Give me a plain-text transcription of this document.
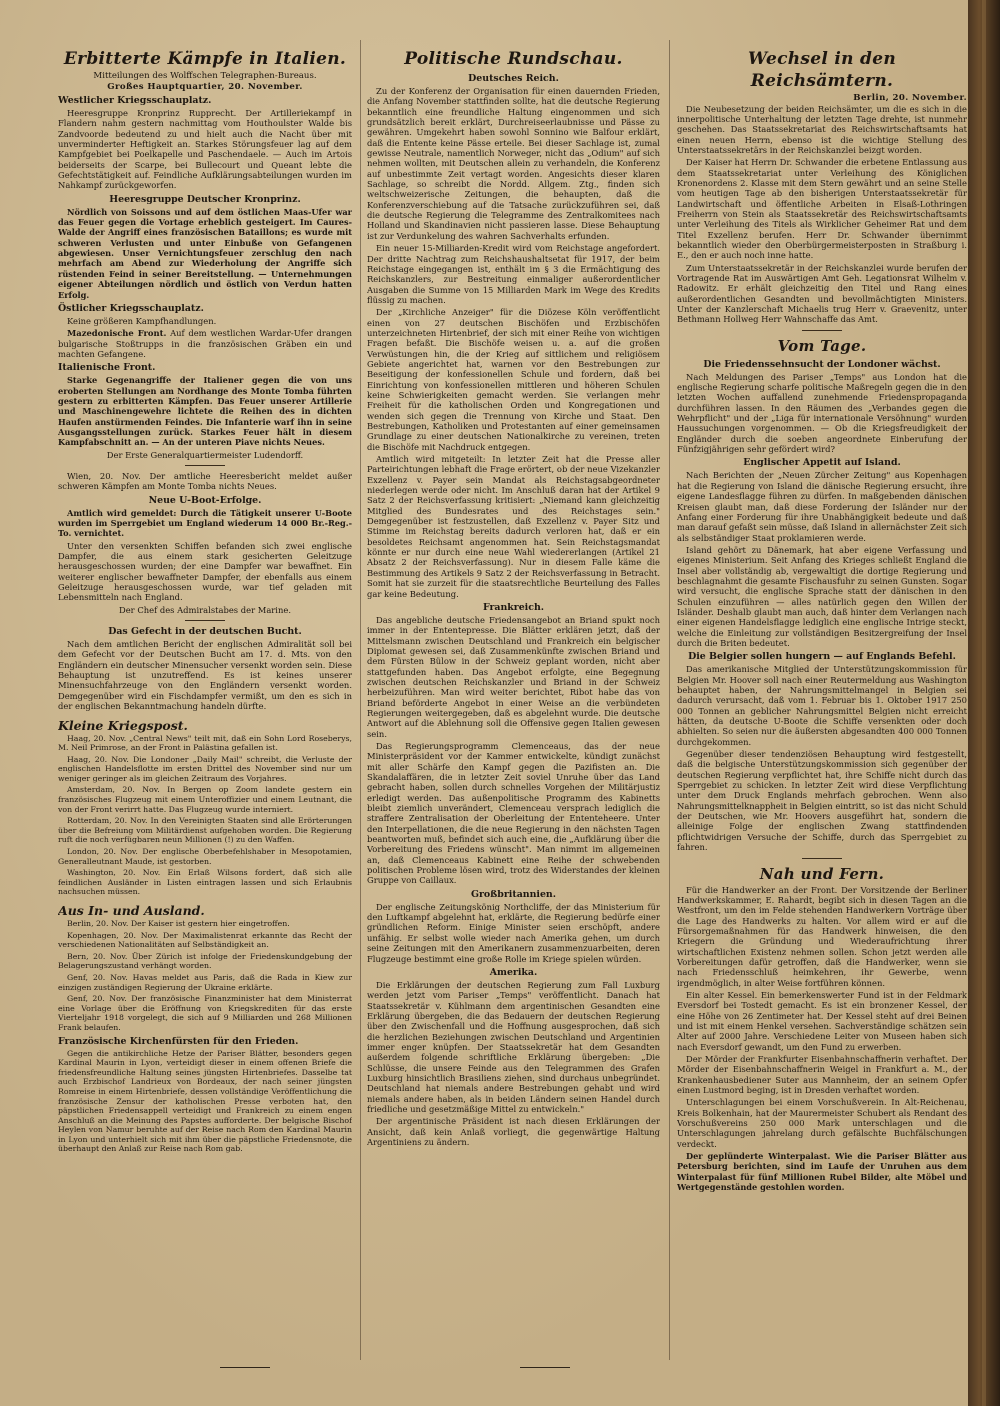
Erbitterte Kämpfe in Italien.
Mitteilungen des Wolffschen Telegraphen-Bureaus.
Großes Hauptquartier, 20. November.
Westlicher Kriegsschauplatz.

Heeresgruppe Kronprinz Rupprecht. Der Artilleriekampf in Flandern nahm gestern nachmittag vom Houthoulster Walde bis Zandvoorde bedeutend zu und hielt auch die Nacht über mit unverminderter Heftigkeit an. Starkes Störungsfeuer lag auf dem Kampfgebiet bei Poelkapelle und Paschendaele. — Auch im Artois beiderseits der Scarpe, bei Bullecourt und Queant lebte die Gefechtstätigkeit auf. Feindliche Aufklärungsabteilungen wurden im Nahkampf zurückgeworfen.

Heeresgruppe Deutscher Kronprinz.

Nördlich von Soissons und auf dem östlichen Maas-Ufer war das Feuer gegen die Vortage erheblich gesteigert. Im Caures-Walde der Angriff eines französischen Bataillons; es wurde mit schweren Verlusten und unter Einbuße von Gefangenen abgewiesen. Unser Vernichtungsfeuer zerschlug den nach mehrfach am Abend zur Wiederholung der Angriffe sich rüstenden Feind in seiner Bereitstellung. — Unternehmungen eigener Abteilungen nördlich und östlich von Verdun hatten Erfolg.

Östlicher Kriegsschauplatz.

Keine größeren Kampfhandlungen.

Mazedonische Front. Auf dem westlichen Wardar-Ufer drangen bulgarische Stoßtrupps in die französischen Gräben ein und machten Gefangene.

Italienische Front.

Starke Gegenangriffe der Italiener gegen die von uns eroberten Stellungen am Nordhange des Monte Tomba führten gestern zu erbitterten Kämpfen. Das Feuer unserer Artillerie und Maschinengewehre lichtete die Reihen des in dichten Haufen anstürmenden Feindes. Die Infanterie warf ihn in seine Ausgangsstellungen zurück. Starkes Feuer hält in diesem Kampfabschnitt an. — An der unteren Piave nichts Neues.

Der Erste Generalquartiermeister Ludendorff.

Wien, 20. Nov. Der amtliche Heeresbericht meldet außer schweren Kämpfen am Monte Tomba nichts Neues.

Neue U-Boot-Erfolge.

Amtlich wird gemeldet: Durch die Tätigkeit unserer U-Boote wurden im Sperrgebiet um England wiederum 14 000 Br.-Reg.-To. vernichtet.

Unter den versenkten Schiffen befanden sich zwei englische Dampfer, die aus einem stark gesicherten Geleitzuge herausgeschossen wurden; der eine Dampfer war bewaffnet. Ein weiterer englischer bewaffneter Dampfer, der ebenfalls aus einem Geleitzuge herausgeschossen wurde, war tief geladen mit Lebensmitteln nach England.

Der Chef des Admiralstabes der Marine.
Das Gefecht in der deutschen Bucht.

Nach dem amtlichen Bericht der englischen Admiralität soll bei dem Gefecht vor der Deutschen Bucht am 17. d. Mts. von den Engländern ein deutscher Minensucher versenkt worden sein. Diese Behauptung ist unzutreffend. Es ist keines unserer Minensuchfahrzeuge von den Engländern versenkt worden. Demgegenüber wird ein Fischdampfer vermißt, um den es sich in der englischen Bekanntmachung handeln dürfte.

Kleine Kriegspost.

Haag, 20. Nov. „Central News" teilt mit, daß ein Sohn Lord Roseberys, M. Neil Primrose, an der Front in Palästina gefallen ist.

Haag, 20. Nov. Die Londoner „Daily Mail" schreibt, die Verluste der englischen Handelsflotte im ersten Drittel des November sind nur um weniger geringer als im gleichen Zeitraum des Vorjahres.

Amsterdam, 20. Nov. In Bergen op Zoom landete gestern ein französisches Flugzeug mit einem Unteroffizier und einem Leutnant, die von der Front verirrt hatte. Das Flugzeug wurde interniert.

Rotterdam, 20. Nov. In den Vereinigten Staaten sind alle Erörterungen über die Befreiung vom Militärdienst aufgehoben worden. Die Regierung ruft die noch verfügbaren neun Millionen (!) zu den Waffen.

London, 20. Nov. Der englische Oberbefehlshaber in Mesopotamien, Generalleutnant Maude, ist gestorben.

Washington, 20. Nov. Ein Erlaß Wilsons fordert, daß sich alle feindlichen Ausländer in Listen eintragen lassen und sich Erlaubnis nachsuchen müssen.

Aus In- und Ausland.

Berlin, 20. Nov. Der Kaiser ist gestern hier eingetroffen.

Kopenhagen, 20. Nov. Der Maximalistenrat erkannte das Recht der verschiedenen Nationalitäten auf Selbständigkeit an.

Bern, 20. Nov. Über Zürich ist infolge der Friedenskundgebung der Belagerungszustand verhängt worden.

Genf, 20. Nov. Havas meldet aus Paris, daß die Rada in Kiew zur einzigen zuständigen Regierung der Ukraine erklärte.

Genf, 20. Nov. Der französische Finanzminister hat dem Ministerrat eine Vorlage über die Eröffnung von Kriegskrediten für das erste Vierteljahr 1918 vorgelegt, die sich auf 9 Milliarden und 268 Millionen Frank belaufen.

Französische Kirchenfürsten für den Frieden.

Gegen die antikirchliche Hetze der Pariser Blätter, besonders gegen Kardinal Maurin in Lyon, verteidigt dieser in einem offenen Briefe die friedensfreundliche Haltung seines jüngsten Hirtenbriefes. Dasselbe tat auch Erzbischof Landrieux von Bordeaux, der nach seiner jüngsten Romreise in einem Hirtenbriefe, dessen vollständige Veröffentlichung die französische Zensur der katholischen Presse verboten hat, den päpstlichen Friedensappell verteidigt und Frankreich zu einem engen Anschluß an die Meinung des Papstes aufforderte. Der belgische Bischof Heylen von Namur beruhte auf der Reise nach Rom den Kardinal Maurin in Lyon und unterhielt sich mit ihm über die päpstliche Friedensnote, die überhaupt den Anlaß zur Reise nach Rom gab.

Politische Rundschau.
Deutsches Reich.

Zu der Konferenz der Organisation für einen dauernden Frieden, die Anfang November stattfinden sollte, hat die deutsche Regierung bekanntlich eine freundliche Haltung eingenommen und sich grundsätzlich bereit erklärt, Durchreiseerlaubnisse und Pässe zu gewähren. Umgekehrt haben sowohl Sonnino wie Balfour erklärt, daß die Entente keine Pässe erteile. Bei dieser Sachlage ist, zumal gewisse Neutrale, namentlich Norweger, nicht das „Odium" auf sich nehmen wollten, mit Deutschen allein zu verhandeln, die Konferenz auf unbestimmte Zeit vertagt worden. Angesichts dieser klaren Sachlage, so schreibt die Nordd. Allgem. Ztg., finden sich weltschweizerische Zeitungen, die behaupten, daß die Konferenzverschiebung auf die Tatsache zurückzuführen sei, daß die deutsche Regierung die Telegramme des Zentralkomitees nach Holland und Skandinavien nicht passieren lasse. Diese Behauptung ist zur Verdunkelung des wahren Sachverhalts erfunden.

Ein neuer 15-Milliarden-Kredit wird vom Reichstage angefordert. Der dritte Nachtrag zum Reichshaushaltsetat für 1917, der beim Reichstage eingegangen ist, enthält im § 3 die Ermächtigung des Reichskanzlers, zur Bestreitung einmaliger außerordentlicher Ausgaben die Summe von 15 Milliarden Mark im Wege des Kredits flüssig zu machen.

Der „Kirchliche Anzeiger" für die Diözese Köln veröffentlicht einen von 27 deutschen Bischöfen und Erzbischöfen unterzeichneten Hirtenbrief, der sich mit einer Reihe von wichtigen Fragen befaßt. Die Bischöfe weisen u. a. auf die großen Verwüstungen hin, die der Krieg auf sittlichem und religiösem Gebiete angerichtet hat, warnen vor den Bestrebungen zur Beseitigung der konfessionellen Schule und fordern, daß bei Einrichtung von konfessionellen mittleren und höheren Schulen keine Schwierigkeiten gemacht werden. Sie verlangen mehr Freiheit für die katholischen Orden und Kongregationen und wenden sich gegen die Trennung von Kirche und Staat. Den Bestrebungen, Katholiken und Protestanten auf einer gemeinsamen Grundlage zu einer deutschen Nationalkirche zu vereinen, treten die Bischöfe mit Nachdruck entgegen.

Amtlich wird mitgeteilt: In letzter Zeit hat die Presse aller Parteirichtungen lebhaft die Frage erörtert, ob der neue Vizekanzler Exzellenz v. Payer sein Mandat als Reichstagsabgeordneter niederlegen werde oder nicht. Im Anschluß daran hat der Artikel 9 Satz 2 der Reichsverfassung kritisiert: „Niemand kann gleichzeitig Mitglied des Bundesrates und des Reichstages sein." Demgegenüber ist festzustellen, daß Exzellenz v. Payer Sitz und Stimme im Reichstag bereits dadurch verloren hat, daß er ein besoldetes Reichsamt angenommen hat. Sein Reichstagsmandat könnte er nur durch eine neue Wahl wiedererlangen (Artikel 21 Absatz 2 der Reichsverfassung). Nur in diesem Falle käme die Bestimmung des Artikels 9 Satz 2 der Reichsverfassung in Betracht. Somit hat sie zurzeit für die staatsrechtliche Beurteilung des Falles gar keine Bedeutung.

Frankreich.

Das angebliche deutsche Friedensangebot an Briand spukt noch immer in der Ententepresse. Die Blätter erklären jetzt, daß der Mittelsmann zwischen Deutschland und Frankreich ein belgischer Diplomat gewesen sei, daß Zusammenkünfte zwischen Briand und dem Fürsten Bülow in der Schweiz geplant worden, nicht aber stattgefunden haben. Das Angebot erfolgte, eine Begegnung zwischen deutschen Reichskanzler und Briand in der Schweiz herbeizuführen. Man wird weiter berichtet, Ribot habe das von Briand beförderte Angebot in einer Weise an die verbündeten Regierungen weitergegeben, daß es abgelehnt wurde. Die deutsche Antwort auf die Ablehnung soll die Offensive gegen Italien gewesen sein.

Das Regierungsprogramm Clemenceaus, das der neue Ministerpräsident vor der Kammer entwickelte, kündigt zunächst mit aller Schärfe den Kampf gegen die Pazifisten an. Die Skandalaffären, die in letzter Zeit soviel Unruhe über das Land gebracht haben, sollen durch schnelles Vorgehen der Militärjustiz erledigt werden. Das außenpolitische Programm des Kabinetts bleibt ziemlich unverändert, Clemenceau versprach lediglich die straffere Zentralisation der Oberleitung der Ententeheere. Unter den Interpellationen, die die neue Regierung in den nächsten Tagen beantworten muß, befindet sich auch eine, die „Aufklärung über die Vorbereitung des Friedens wünscht". Man nimmt im allgemeinen an, daß Clemenceaus Kabinett eine Reihe der schwebenden politischen Probleme lösen wird, trotz des Widerstandes der kleinen Gruppe von Caillaux.

Großbritannien.

Der englische Zeitungskönig Northcliffe, der das Ministerium für den Luftkampf abgelehnt hat, erklärte, die Regierung bedürfe einer gründlichen Reform. Einige Minister seien erschöpft, andere unfähig. Er selbst wolle wieder nach Amerika gehen, um durch seine Zeitungen mit den Amerikanern zusammenzuarbeiten, deren Flugzeuge bestimmt eine große Rolle im Kriege spielen würden.

Amerika.

Die Erklärungen der deutschen Regierung zum Fall Luxburg werden jetzt vom Pariser „Temps" veröffentlicht. Danach hat Staatssekretär v. Kühlmann dem argentinischen Gesandten eine Erklärung übergeben, die das Bedauern der deutschen Regierung über den Zwischenfall und die Hoffnung ausgesprochen, daß sich die herzlichen Beziehungen zwischen Deutschland und Argentinien immer enger knüpfen. Der Staatssekretär hat dem Gesandten außerdem folgende schriftliche Erklärung übergeben: „Die Schlüsse, die unsere Feinde aus den Telegrammen des Grafen Luxburg hinsichtlich Brasiliens ziehen, sind durchaus unbegründet. Deutschland hat niemals andere Bestrebungen gehabt und wird niemals andere haben, als in beiden Ländern seinen Handel durch friedliche und gesetzmäßige Mittel zu entwickeln."

Der argentinische Präsident ist nach diesen Erklärungen der Ansicht, daß kein Anlaß vorliegt, die gegenwärtige Haltung Argentiniens zu ändern.

Wechsel in den Reichsämtern.
Berlin, 20. November.

Die Neubesetzung der beiden Reichsämter, um die es sich in die innerpolitische Unterhaltung der letzten Tage drehte, ist nunmehr geschehen. Das Staatssekretariat des Reichswirtschaftsamts hat einen neuen Herrn, ebenso ist die wichtige Stellung des Unterstaatssekretärs in der Reichskanzlei beizgt worden.

Der Kaiser hat Herrn Dr. Schwander die erbetene Entlassung aus dem Staatssekretariat unter Verleihung des Königlichen Kronenordens 2. Klasse mit dem Stern gewährt und an seine Stelle vom heutigen Tage ab den bisherigen Unterstaatssekretär für Landwirtschaft und öffentliche Arbeiten in Elsaß-Lothringen Freiherrn von Stein als Staatssekretär des Reichswirtschaftsamts unter Verleihung des Titels als Wirklicher Geheimer Rat und dem Titel Exzellenz berufen. Herr Dr. Schwander übernimmt bekanntlich wieder den Oberbürgermeisterposten in Straßburg i. E., den er auch noch inne hatte.

Zum Unterstaatssekretär in der Reichskanzlei wurde berufen der Vortragende Rat im Auswärtigen Amt Geh. Legationsrat Wilhelm v. Radowitz. Er erhält gleichzeitig den Titel und Rang eines außerordentlichen Gesandten und bevollmächtigten Ministers. Unter der Kanzlerschaft Michaelis trug Herr v. Graevenitz, unter Bethmann Hollweg Herr Wahnschaffe das Amt.

Vom Tage.
Die Friedenssehnsucht der Londoner wächst.

Nach Meldungen des Pariser „Temps" aus London hat die englische Regierung scharfe politische Maßregeln gegen die in den letzten Wochen auffallend zunehmende Friedenspropaganda durchführen lassen. In den Räumen des „Verbandes gegen die Wehrpflicht" und der „Liga für internationale Versöhnung" wurden Haussuchungen vorgenommen. — Ob die Kriegsfreudigkeit der Engländer durch die soeben angeordnete Einberufung der Fünfzigjährigen sehr gefördert wird?

Englischer Appetit auf Island.

Nach Berichten der „Neuen Zürcher Zeitung" aus Kopenhagen hat die Regierung von Island die dänische Regierung ersucht, ihre eigene Landesflagge führen zu dürfen. In maßgebenden dänischen Kreisen glaubt man, daß diese Forderung der Isländer nur der Anfang einer Forderung für ihre Unabhängigkeit bedeute und daß man darauf gefaßt sein müsse, daß Island in allernächster Zeit sich als selbständiger Staat proklamieren werde.

Island gehört zu Dänemark, hat aber eigene Verfassung und eigenes Ministerium. Seit Anfang des Krieges schließt England die Insel aber vollständig ab, vergewaltigt die dortige Regierung und beschlagnahmt die gesamte Fischausfuhr zu seinen Gunsten. Sogar wird versucht, die englische Sprache statt der dänischen in den Schulen einzuführen — alles natürlich gegen den Willen der Isländer. Deshalb glaubt man auch, daß hinter dem Verlangen nach einer eigenen Handelsflagge lediglich eine englische Intrige steckt, welche die Einleitung zur vollständigen Besitzergreifung der Insel durch die Briten bedeutet.

Die Belgier sollen hungern — auf Englands Befehl.

Das amerikanische Mitglied der Unterstützungskommission für Belgien Mr. Hoover soll nach einer Reutermeldung aus Washington behauptet haben, der Nahrungsmittelmangel in Belgien sei dadurch verursacht, daß vom 1. Februar bis 1. Oktober 1917 250 000 Tonnen an geblicher Nahrungsmittel Belgien nicht erreicht hätten, da deutsche U-Boote die Schiffe versenkten oder doch abhielten. So seien nur die äußersten abgesandten 400 000 Tonnen durchgekommen.

Gegenüber dieser tendenziösen Behauptung wird festgestellt, daß die belgische Unterstützungskommission sich gegenüber der deutschen Regierung verpflichtet hat, ihre Schiffe nicht durch das Sperrgebiet zu schicken. In letzter Zeit wird diese Verpflichtung unter dem Druck Englands mehrfach gebrochen. Wenn also Nahrungsmittelknappheit in Belgien eintritt, so ist das nicht Schuld der Deutschen, wie Mr. Hoovers ausgeführt hat, sondern die alleinige Folge der englischen Zwang stattfindenden pflichtwidrigen Versuche der Schiffe, durch das Sperrgebiet zu fahren.

Nah und Fern.

Für die Handwerker an der Front. Der Vorsitzende der Berliner Handwerkskammer, E. Rahardt, begibt sich in diesen Tagen an die Westfront, um den im Felde stehenden Handwerkern Vorträge über die Lage des Handwerks zu halten. Vor allem wird er auf die Fürsorgemaßnahmen für das Handwerk hinweisen, die den Kriegern die Gründung und Wiederaufrichtung ihrer wirtschaftlichen Existenz nehmen sollen. Schon jetzt werden alle Vorbereitungen dafür getroffen, daß die Handwerker, wenn sie nach Friedensschluß heimkehren, ihr Gewerbe, wenn irgendmöglich, in alter Weise fortführen können.

Ein alter Kessel. Ein bemerkenswerter Fund ist in der Feldmark Eversdorf bei Tostedt gemacht. Es ist ein bronzener Kessel, der eine Höhe von 26 Zentimeter hat. Der Kessel steht auf drei Beinen und ist mit einem Henkel versehen. Sachverständige schätzen sein Alter auf 2000 Jahre. Verschiedene Leiter von Museen haben sich nach Eversdorf gewandt, um den Fund zu erwerben.

Der Mörder der Frankfurter Eisenbahnschaffnerin verhaftet. Der Mörder der Eisenbahnschaffnerin Weigel in Frankfurt a. M., der Krankenhausbediener Suter aus Mannheim, der an seinem Opfer einen Lustmord beging, ist in Dresden verhaftet worden.

Unterschlagungen bei einem Vorschußverein. In Alt-Reichenau, Kreis Bolkenhain, hat der Maurermeister Schubert als Rendant des Vorschußvereins 250 000 Mark unterschlagen und die Unterschlagungen jahrelang durch gefälschte Buchfälschungen verdeckt.

Der geplünderte Winterpalast. Wie die Pariser Blätter aus Petersburg berichten, sind im Laufe der Unruhen aus dem Winterpalast für fünf Millionen Rubel Bilder, alte Möbel und Wertgegenstände gestohlen worden.
